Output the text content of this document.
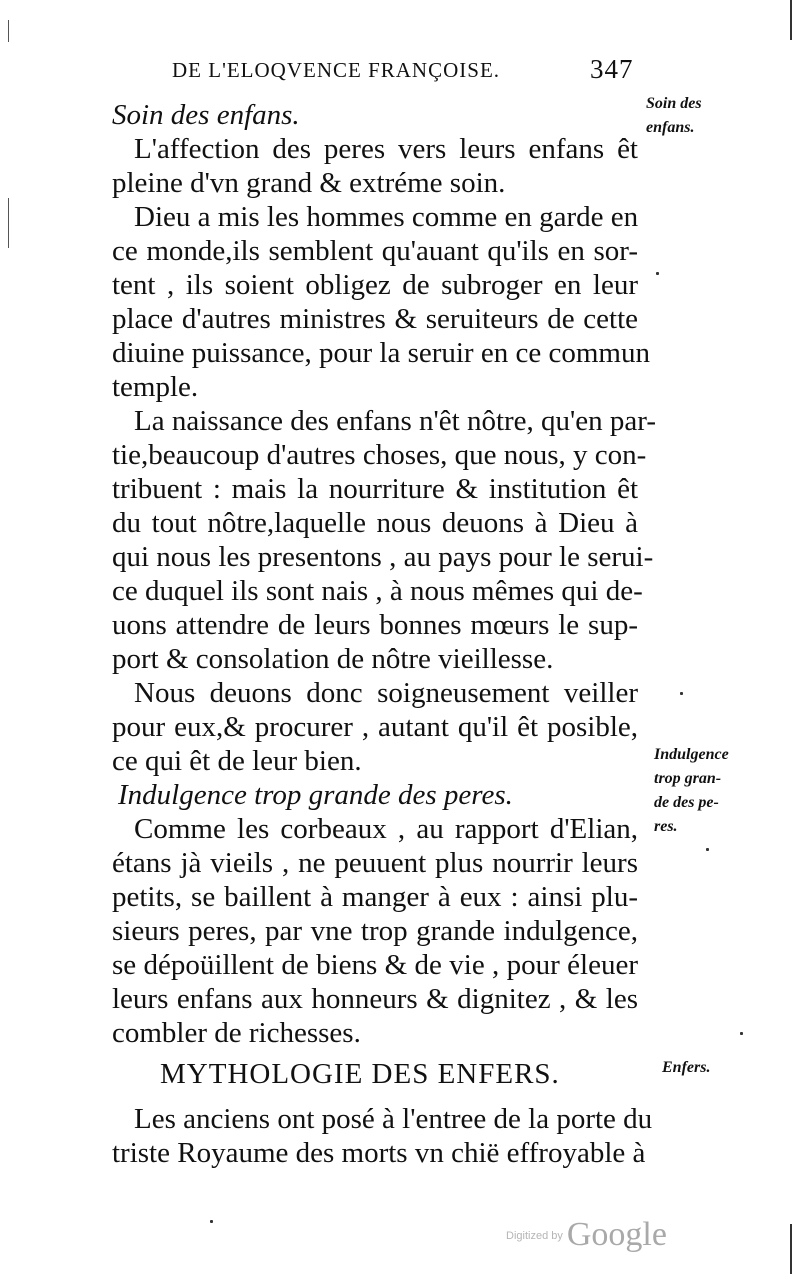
DE L'ELOQVENCE FRANÇOISE.	347
Soin des
enfans.
Indulgence
trop gran-
de des pe-
res.
Enfers.
Soin des enfans.
L'affection des peres vers leurs enfans êt
pleine d'vn grand & extréme soin.
Dieu a mis les hommes comme en garde en
ce monde,ils semblent qu'auant qu'ils en sor-
tent , ils soient obligez de subroger en leur
place d'autres ministres & seruiteurs de cette
diuine puissance, pour la seruir en ce commun
temple.
La naissance des enfans n'êt nôtre, qu'en par-
tie,beaucoup d'autres choses, que nous, y con-
tribuent : mais la nourriture & institution êt
du tout nôtre,laquelle nous deuons à Dieu à
qui nous les presentons , au pays pour le serui-
ce duquel ils sont nais , à nous mêmes qui de-
uons attendre de leurs bonnes mœurs le sup-
port & consolation de nôtre vieillesse.
Nous deuons donc soigneusement veiller
pour eux,& procurer , autant qu'il êt posible,
ce qui êt de leur bien.
Indulgence trop grande des peres.
Comme les corbeaux , au rapport d'Elian,
étans jà vieils , ne peuuent plus nourrir leurs
petits, se baillent à manger à eux : ainsi plu-
sieurs peres, par vne trop grande indulgence,
se dépoüillent de biens & de vie , pour éleuer
leurs enfans aux honneurs & dignitez , & les
combler de richesses.
MYTHOLOGIE DES ENFERS.
Les anciens ont posé à l'entree de la porte du
triste Royaume des morts vn chië effroyable à
$^{Digitized by}$ Google
